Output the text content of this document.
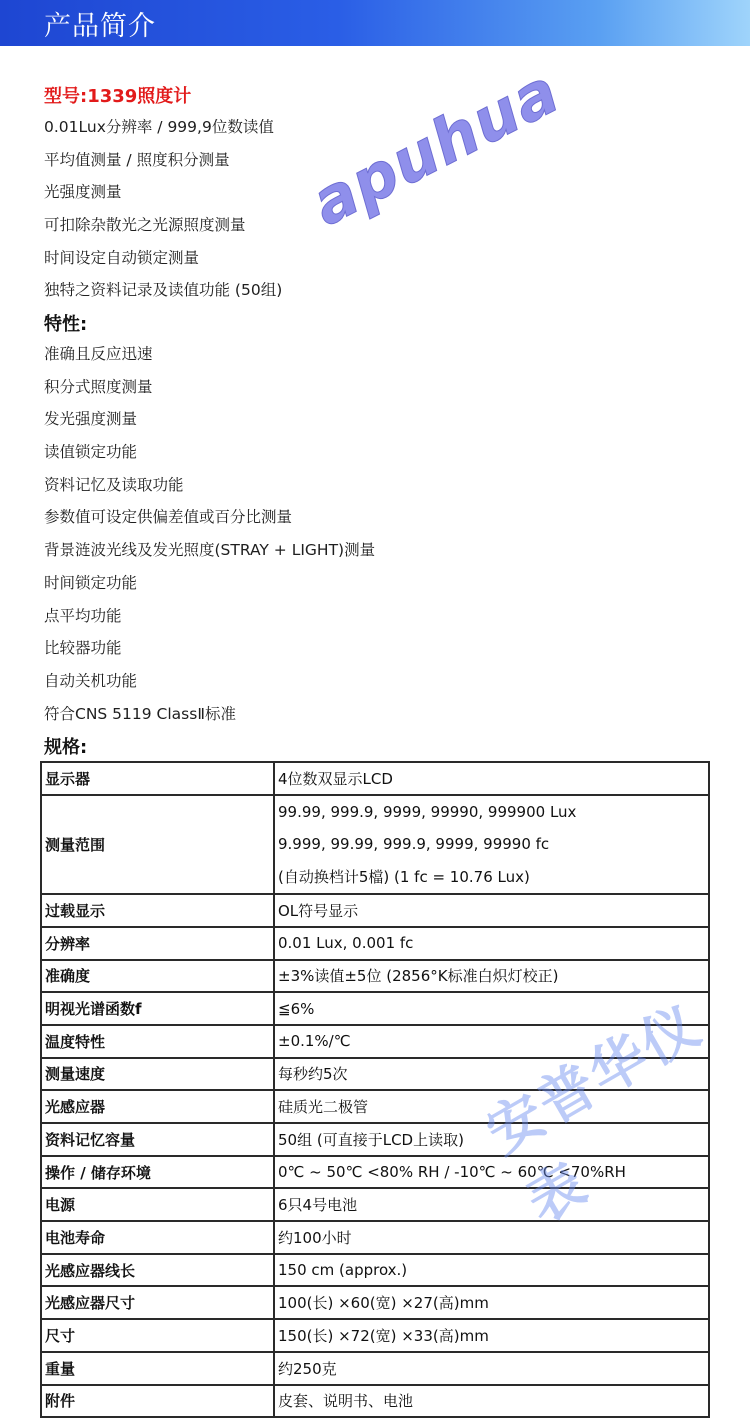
产品简介
型号:1339照度计
0.01Lux分辨率 / 999,9位数读值
平均值测量 / 照度积分测量
光强度测量
可扣除杂散光之光源照度测量
时间设定自动锁定测量
独特之资料记录及读值功能 (50组)
特性:
准确且反应迅速
积分式照度测量
发光强度测量
读值锁定功能
资料记忆及读取功能
参数值可设定供偏差值或百分比测量
背景涟波光线及发光照度(STRAY + LIGHT)测量
时间锁定功能
点平均功能
比较器功能
自动关机功能
符合CNS 5119 ClassⅡ标准
规格:
显示器	4位数双显示LCD
测量范围	99.99, 999.9, 9999, 99990, 999900 Lux
9.999, 99.99, 999.9, 9999, 99990 fc
(自动换档计5檔) (1 fc = 10.76 Lux)

过载显示	OL符号显示
分辨率	0.01 Lux, 0.001 fc
准确度	±3%读值±5位 (2856°K标准白炽灯校正)
明视光谱函数f	≦6%
温度特性	±0.1%/℃
测量速度	每秒约5次
光感应器	硅质光二极管
资料记忆容量	50组 (可直接于LCD上读取)
操作 / 储存环境	0℃ ~ 50℃ <80% RH / -10℃ ~ 60℃ <70%RH
电源	6只4号电池
电池寿命	约100小时
光感应器线长	150 cm (approx.)
光感应器尺寸	100(长) ×60(宽) ×27(高)mm
尺寸	150(长) ×72(宽) ×33(高)mm
重量	约250克
附件	皮套、说明书、电池
apuhua
安普华仪表
